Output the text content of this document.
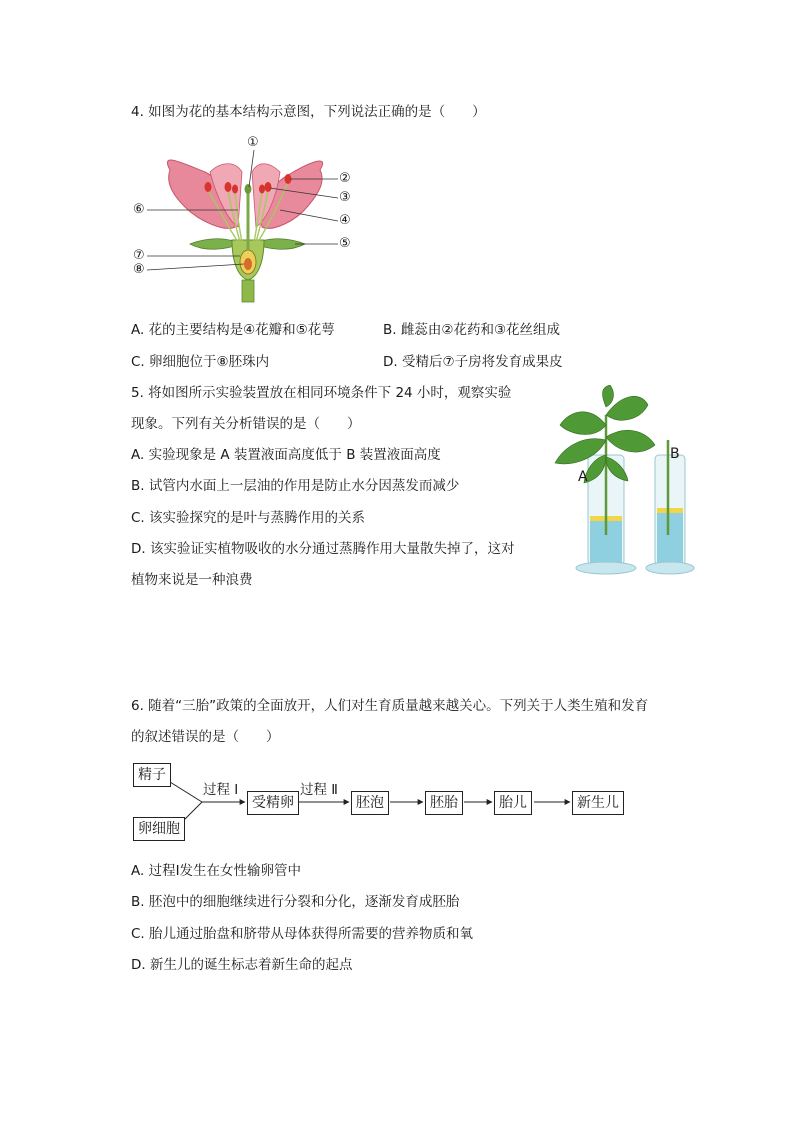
4. 如图为花的基本结构示意图，下列说法正确的是（　　）
①
②
③
④
⑤
⑥
⑦
⑧
A. 花的主要结构是④花瓣和⑤花萼	B. 雌蕊由②花药和③花丝组成
C. 卵细胞位于⑧胚珠内	D. 受精后⑦子房将发育成果皮
5. 将如图所示实验装置放在相同环境条件下 24 小时，观察实验
现象。下列有关分析错误的是（　　）
A. 实验现象是 A 装置液面高度低于 B 装置液面高度
B. 试管内水面上一层油的作用是防止水分因蒸发而减少
C. 该实验探究的是叶与蒸腾作用的关系
D. 该实验证实植物吸收的水分通过蒸腾作用大量散失掉了，这对
植物来说是一种浪费
A
B
6. 随着“三胎”政策的全面放开，人们对生育质量越来越关心。下列关于人类生殖和发育
的叙述错误的是（　　）
精子
卵细胞
过程 Ⅰ	过程 Ⅱ
受精卵	胚泡	胚胎	胎儿	新生儿
A. 过程Ⅰ发生在女性输卵管中
B. 胚泡中的细胞继续进行分裂和分化，逐渐发育成胚胎
C. 胎儿通过胎盘和脐带从母体获得所需要的营养物质和氧
D. 新生儿的诞生标志着新生命的起点
